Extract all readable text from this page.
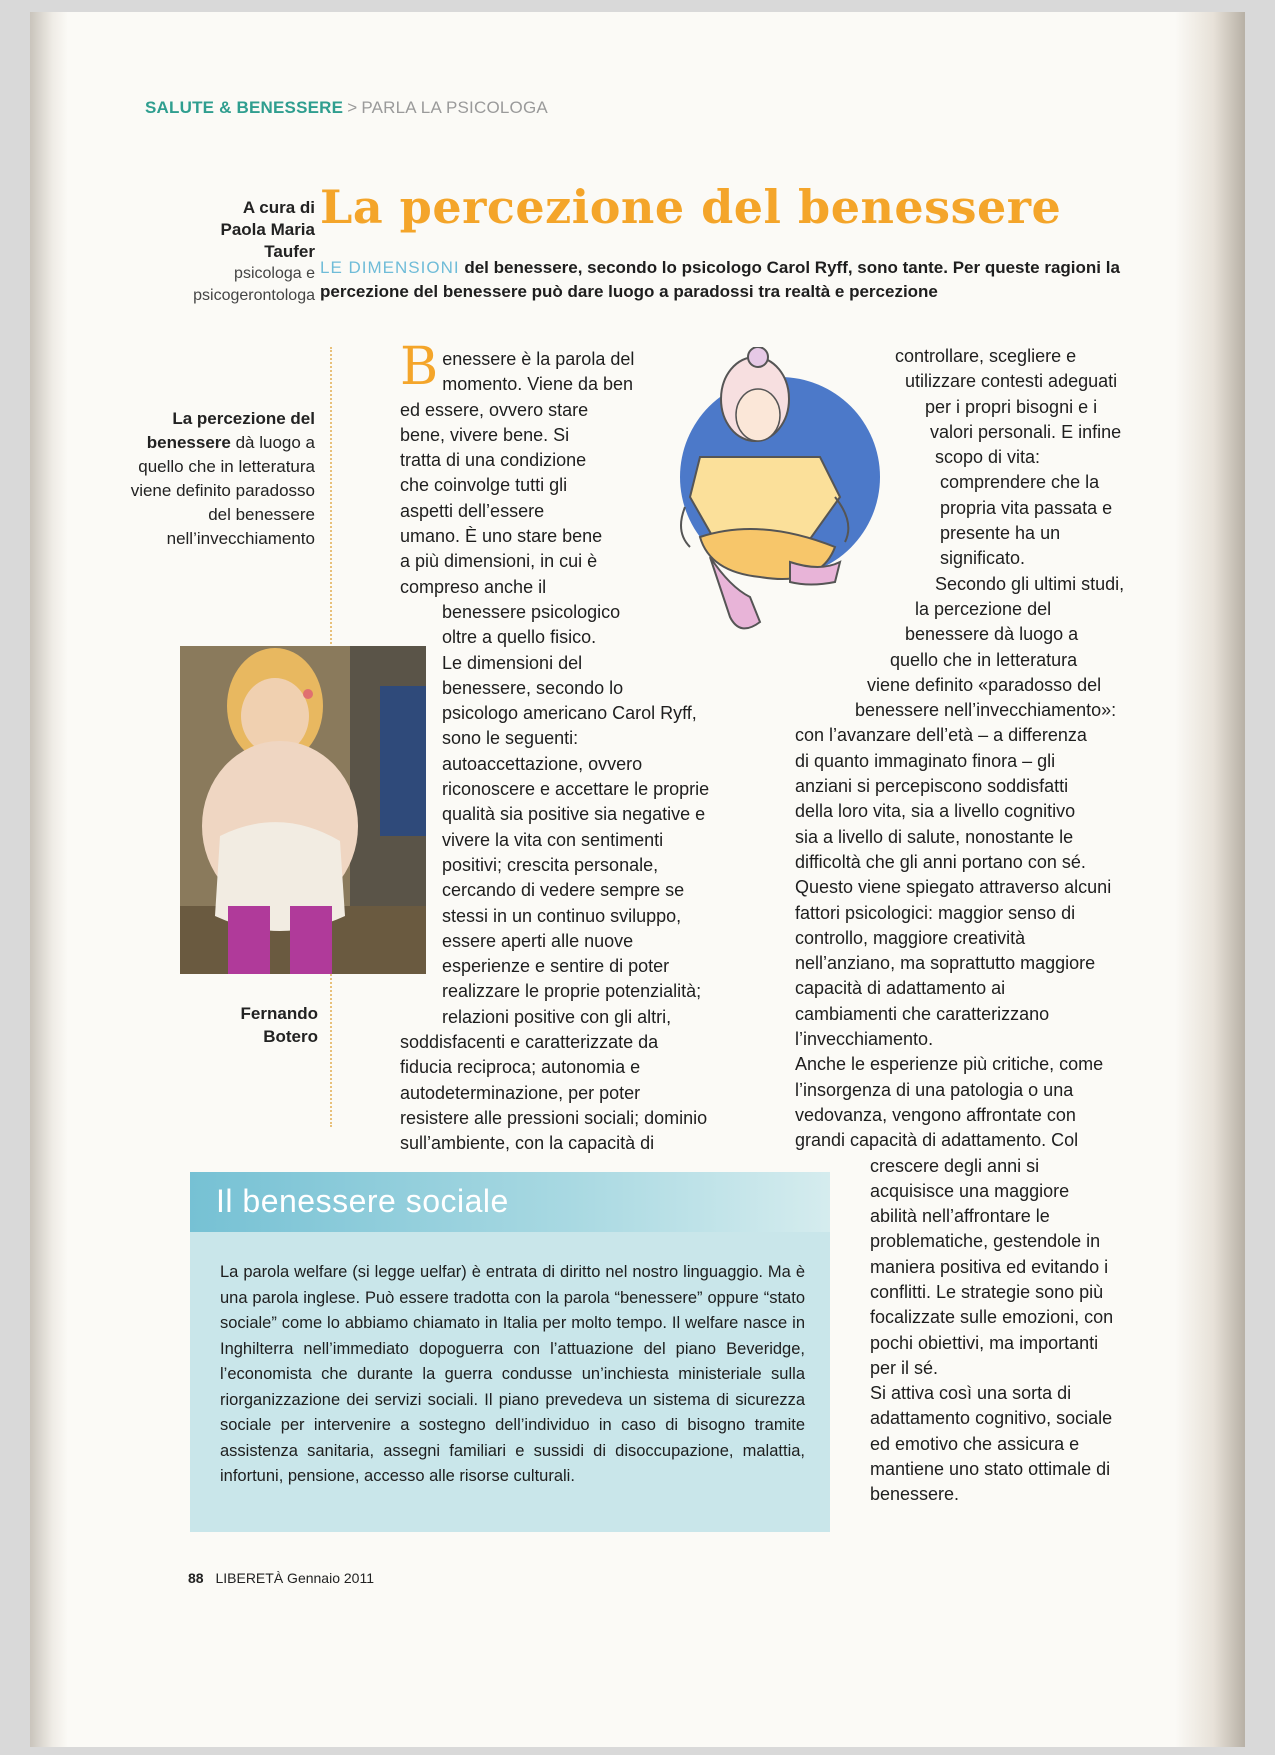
SALUTE & BENESSERE > PARLA LA PSICOLOGA
A cura di
Paola Maria
Taufer
psicologa e
psicogerontologa
La percezione del benessere
LE DIMENSIONI del benessere, secondo lo psicologo Carol Ryff, sono tante. Per queste ragioni la percezione del benessere può dare luogo a paradossi tra realtà e percezione
La percezione del benessere dà luogo a quello che in letteratura viene definito paradosso del benessere nell’invecchiamento
Fernando
Botero
B enessere è la parola del
momento. Viene da ben
ed essere, ovvero stare
bene, vivere bene. Si
tratta di una condizione
che coinvolge tutti gli
aspetti dell’essere
umano. È uno stare bene
a più dimensioni, in cui è
compreso anche il
benessere psicologico
oltre a quello fisico.
Le dimensioni del
benessere, secondo lo
psicologo americano Carol Ryff,
sono le seguenti:
autoaccettazione, ovvero
riconoscere e accettare le proprie
qualità sia positive sia negative e
vivere la vita con sentimenti
positivi; crescita personale,
cercando di vedere sempre se
stessi in un continuo sviluppo,
essere aperti alle nuove
esperienze e sentire di poter
realizzare le proprie potenzialità;
relazioni positive con gli altri,
soddisfacenti e caratterizzate da
fiducia reciproca; autonomia e
autodeterminazione, per poter
resistere alle pressioni sociali; dominio
sull’ambiente, con la capacità di
controllare, scegliere e
utilizzare contesti adeguati
per i propri bisogni e i
valori personali. E infine
scopo di vita:
comprendere che la
propria vita passata e
presente ha un
significato.
Secondo gli ultimi studi,
la percezione del
benessere dà luogo a
quello che in letteratura
viene definito «paradosso del
benessere nell’invecchiamento»:
con l’avanzare dell’età – a differenza
di quanto immaginato finora – gli
anziani si percepiscono soddisfatti
della loro vita, sia a livello cognitivo
sia a livello di salute, nonostante le
difficoltà che gli anni portano con sé.
Questo viene spiegato attraverso alcuni
fattori psicologici: maggior senso di
controllo, maggiore creatività
nell’anziano, ma soprattutto maggiore
capacità di adattamento ai
cambiamenti che caratterizzano
l’invecchiamento.
Anche le esperienze più critiche, come
l’insorgenza di una patologia o una
vedovanza, vengono affrontate con
grandi capacità di adattamento. Col
crescere degli anni si
acquisisce una maggiore
abilità nell’affrontare le
problematiche, gestendole in
maniera positiva ed evitando i
conflitti. Le strategie sono più
focalizzate sulle emozioni, con
pochi obiettivi, ma importanti
per il sé.
Si attiva così una sorta di
adattamento cognitivo, sociale
ed emotivo che assicura e
mantiene uno stato ottimale di
benessere.
Il benessere sociale
La parola welfare (si legge uelfar) è entrata di diritto nel nostro linguaggio. Ma è una parola inglese. Può essere tradotta con la parola “benessere” oppure “stato sociale” come lo abbiamo chiamato in Italia per molto tempo. Il welfare nasce in Inghilterra nell’immediato dopoguerra con l’attuazione del piano Beveridge, l’economista che durante la guerra condusse un’inchiesta ministeriale sulla riorganizzazione dei servizi sociali. Il piano prevedeva un sistema di sicurezza sociale per intervenire a sostegno dell’individuo in caso di bisogno tramite assistenza sanitaria, assegni familiari e sussidi di disoccupazione, malattia, infortuni, pensione, accesso alle risorse culturali.
88 LIBERETÀ Gennaio 2011
